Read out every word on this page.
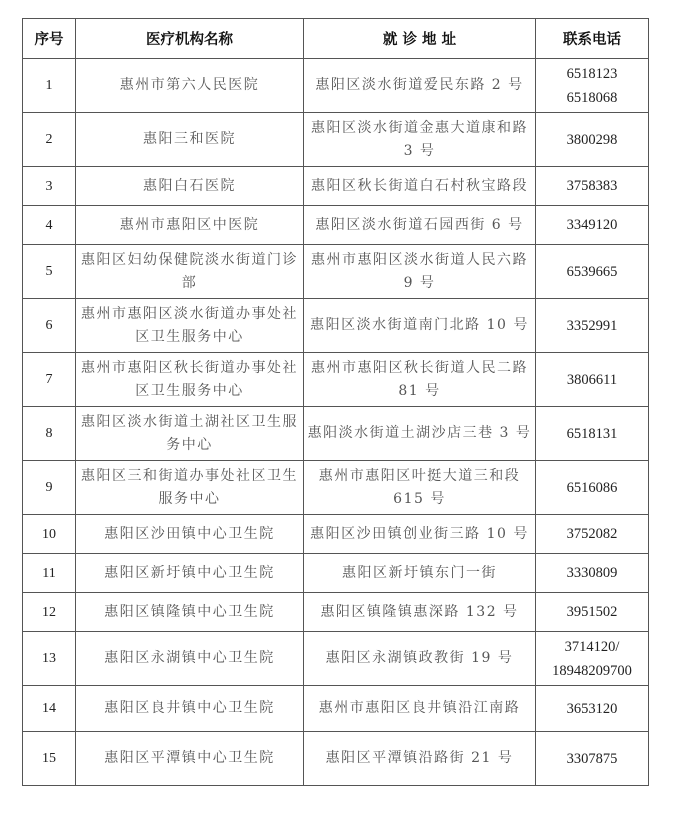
序号	医疗机构名称	就 诊 地 址	联系电话
1	惠州市第六人民医院	惠阳区淡水街道爱民东路 2 号	6518123
6518068

2	惠阳三和医院	惠阳区淡水街道金惠大道康和路 3 号	3800298

3	惠阳白石医院	惠阳区秋长街道白石村秋宝路段	3758383

4	惠州市惠阳区中医院	惠阳区淡水街道石园西街 6 号	3349120

5	惠阳区妇幼保健院淡水街道门诊部	惠州市惠阳区淡水街道人民六路 9 号	6539665

6	惠州市惠阳区淡水街道办事处社区卫生服务中心	惠阳区淡水街道南门北路 10 号	3352991

7	惠州市惠阳区秋长街道办事处社区卫生服务中心	惠州市惠阳区秋长街道人民二路 81 号	3806611

8	惠阳区淡水街道土湖社区卫生服务中心	惠阳淡水街道土湖沙店三巷 3 号	6518131

9	惠阳区三和街道办事处社区卫生服务中心	惠州市惠阳区叶挺大道三和段 615 号	6516086

10	惠阳区沙田镇中心卫生院	惠阳区沙田镇创业街三路 10 号	3752082

11	惠阳区新圩镇中心卫生院	惠阳区新圩镇东门一街	3330809

12	惠阳区镇隆镇中心卫生院	惠阳区镇隆镇惠深路 132 号	3951502

13	惠阳区永湖镇中心卫生院	惠阳区永湖镇政教街 19 号	3714120/
18948209700

14	惠阳区良井镇中心卫生院	惠州市惠阳区良井镇沿江南路	3653120

15	惠阳区平潭镇中心卫生院	惠阳区平潭镇沿路街 21 号	3307875
